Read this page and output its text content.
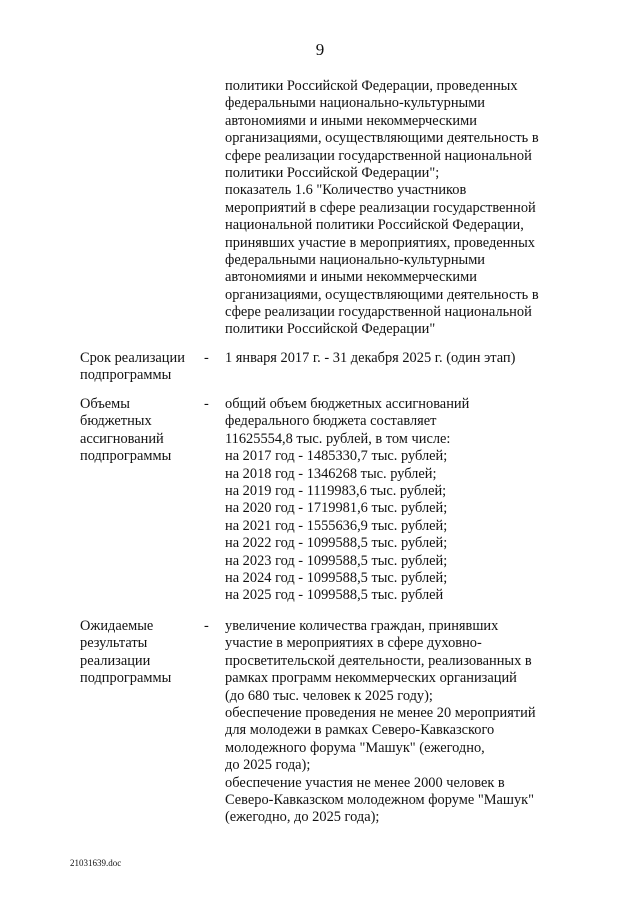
9
политики Российской Федерации, проведенных
федеральными национально-культурными
автономиями и иными некоммерческими
организациями, осуществляющими деятельность в
сфере реализации государственной национальной
политики Российской Федерации";
показатель 1.6 "Количество участников
мероприятий в сфере реализации государственной
национальной политики Российской Федерации,
принявших участие в мероприятиях, проведенных
федеральными национально-культурными
автономиями и иными некоммерческими
организациями, осуществляющими деятельность в
сфере реализации государственной национальной
политики Российской Федерации"
Срок реализации
подпрограммы
- 1 января 2017 г. - 31 декабря 2025 г. (один этап)
Объемы
бюджетных
ассигнований
подпрограммы
- общий объем бюджетных ассигнований
федерального бюджета составляет
11625554,8 тыс. рублей, в том числе:
на 2017 год - 1485330,7 тыс. рублей;
на 2018 год - 1346268 тыс. рублей;
на 2019 год - 1119983,6 тыс. рублей;
на 2020 год - 1719981,6 тыс. рублей;
на 2021 год - 1555636,9 тыс. рублей;
на 2022 год - 1099588,5 тыс. рублей;
на 2023 год - 1099588,5 тыс. рублей;
на 2024 год - 1099588,5 тыс. рублей;
на 2025 год - 1099588,5 тыс. рублей
Ожидаемые
результаты
реализации
подпрограммы
- увеличение количества граждан, принявших
участие в мероприятиях в сфере духовно-
просветительской деятельности, реализованных в
рамках программ некоммерческих организаций
(до 680 тыс. человек к 2025 году);
обеспечение проведения не менее 20 мероприятий
для молодежи в рамках Северо-Кавказского
молодежного форума "Машук" (ежегодно,
до 2025 года);
обеспечение участия не менее 2000 человек в
Северо-Кавказском молодежном форуме "Машук"
(ежегодно, до 2025 года);
21031639.doc
